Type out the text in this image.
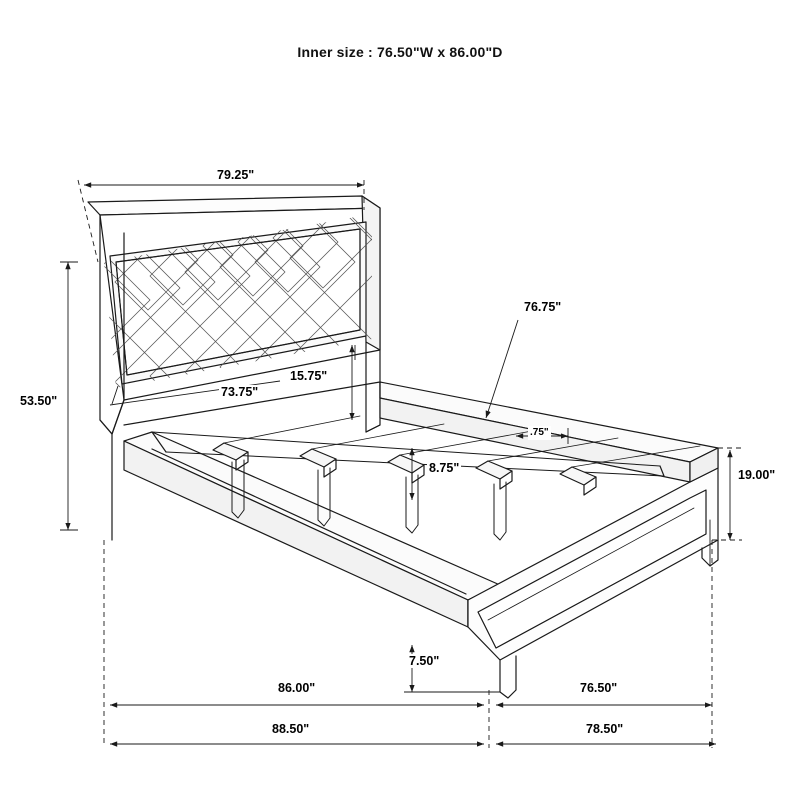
Inner size : 76.50"W x 86.00"D
79.25"
53.50"
73.75"
15.75"
76.75"
.75"
8.75"	19.00"
7.50"
86.00"	76.50"
88.50"	78.50"
